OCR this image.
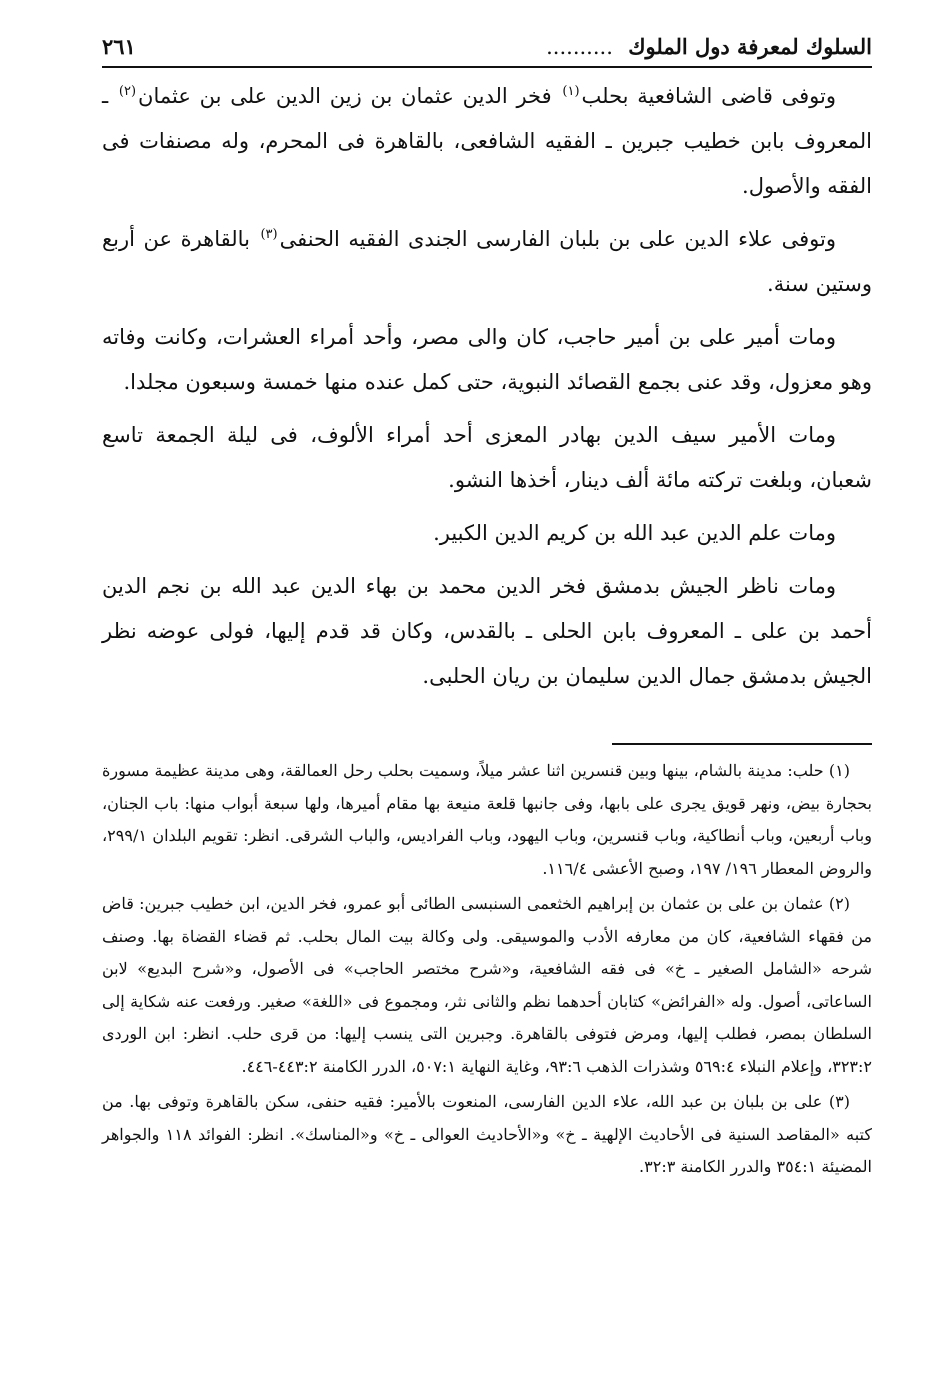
السلوك لمعرفة دول الملوك ..........
٢٦١

وتوفى قاضى الشافعية بحلب$^{(١)}$ فخر الدين عثمان بن زين الدين على بن عثمان$^{(٢)}$ ـ المعروف بابن خطيب جبرين ـ الفقيه الشافعى، بالقاهرة فى المحرم، وله مصنفات فى الفقه والأصول.

وتوفى علاء الدين على بن بلبان الفارسى الجندى الفقيه الحنفى$^{(٣)}$ بالقاهرة عن أربع وستين سنة.

ومات أمير على بن أمير حاجب، كان والى مصر، وأحد أمراء العشرات، وكانت وفاته وهو معزول، وقد عنى بجمع القصائد النبوية، حتى كمل عنده منها خمسة وسبعون مجلدا.

ومات الأمير سيف الدين بهادر المعزى أحد أمراء الألوف، فى ليلة الجمعة تاسع شعبان، وبلغت تركته مائة ألف دينار، أخذها النشو.

ومات علم الدين عبد الله بن كريم الدين الكبير.

ومات ناظر الجيش بدمشق فخر الدين محمد بن بهاء الدين عبد الله بن نجم الدين أحمد بن على ـ المعروف بابن الحلى ـ بالقدس، وكان قد قدم إليها، فولى عوضه نظر الجيش بدمشق جمال الدين سليمان بن ريان الحلبى.

(١) حلب: مدينة بالشام، بينها وبين قنسرين اثنا عشر ميلاً، وسميت بحلب رحل العمالقة، وهى مدينة عظيمة مسورة بحجارة بيض، ونهر قويق يجرى على بابها، وفى جانبها قلعة منيعة بها مقام أميرها، ولها سبعة أبواب منها: باب الجنان، وباب أربعين، وباب أنطاكية، وباب قنسرين، وباب اليهود، وباب الفراديس، والباب الشرقى. انظر: تقويم البلدان ٢٩٩/١، والروض المعطار ١٩٦/ ١٩٧، وصبح الأعشى ١١٦/٤.

(٢) عثمان بن على بن عثمان بن إبراهيم الخثعمى السنبسى الطائى أبو عمرو، فخر الدين، ابن خطيب جبرين: قاض من فقهاء الشافعية، كان من معارفه الأدب والموسيقى. ولى وكالة بيت المال بحلب. ثم قضاء القضاة بها. وصنف شرحه «الشامل الصغير ـ خ» فى فقه الشافعية، و«شرح مختصر الحاجب» فى الأصول، و«شرح البديع» لابن الساعاتى، أصول. وله «الفرائض» كتابان أحدهما نظم والثانى نثر، ومجموع فى «اللغة» صغير. ورفعت عنه شكاية إلى السلطان بمصر، فطلب إليها، ومرض فتوفى بالقاهرة. وجبرين التى ينسب إليها: من قرى حلب. انظر: ابن الوردى ٣٢٣:٢، وإعلام النبلاء ٥٦٩:٤ وشذرات الذهب ٩٣:٦، وغاية النهاية ٥٠٧:١، الدرر الكامنة ٤٤٣:٢-٤٤٦.

(٣) على بن بلبان بن عبد الله، علاء الدين الفارسى، المنعوت بالأمير: فقيه حنفى، سكن بالقاهرة وتوفى بها. من كتبه «المقاصد السنية فى الأحاديث الإلهية ـ خ» و«الأحاديث العوالى ـ خ» و«المناسك». انظر: الفوائد ١١٨ والجواهر المضيئة ٣٥٤:١ والدرر الكامنة ٣٢:٣.
